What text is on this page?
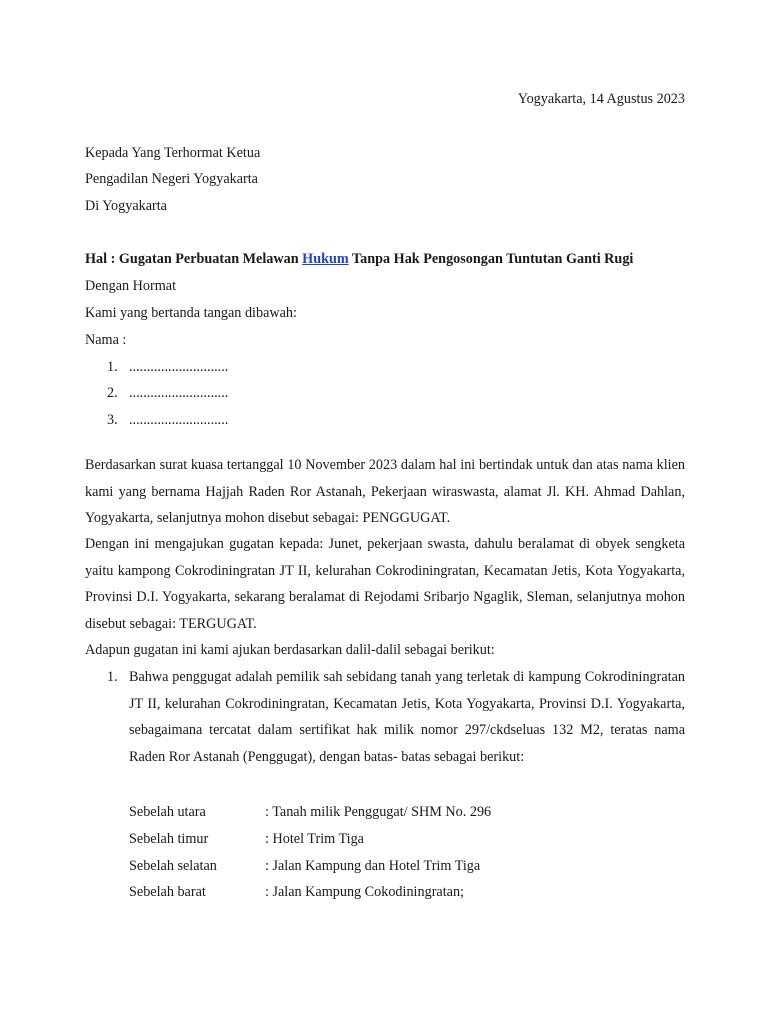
Yogyakarta, 14 Agustus 2023
Kepada Yang Terhormat Ketua
Pengadilan Negeri Yogyakarta
Di Yogyakarta
Hal : Gugatan Perbuatan Melawan Hukum Tanpa Hak Pengosongan Tuntutan Ganti Rugi
Dengan Hormat
Kami yang bertanda tangan dibawah:
Nama :
1. ............................
2. ............................
3. ............................
Berdasarkan surat kuasa tertanggal 10 November 2023 dalam hal ini bertindak untuk dan atas nama klien kami yang bernama Hajjah Raden Ror Astanah, Pekerjaan wiraswasta, alamat Jl. KH. Ahmad Dahlan, Yogyakarta, selanjutnya mohon disebut sebagai: PENGGUGAT.
Dengan ini mengajukan gugatan kepada: Junet, pekerjaan swasta, dahulu beralamat di obyek sengketa yaitu kampong Cokrodiningratan JT II, kelurahan Cokrodiningratan, Kecamatan Jetis, Kota Yogyakarta, Provinsi D.I. Yogyakarta, sekarang beralamat di Rejodami Sribarjo Ngaglik, Sleman, selanjutnya mohon disebut sebagai: TERGUGAT.
Adapun gugatan ini kami ajukan berdasarkan dalil-dalil sebagai berikut:
1. Bahwa penggugat adalah pemilik sah sebidang tanah yang terletak di kampung Cokrodiningratan JT II, kelurahan Cokrodiningratan, Kecamatan Jetis, Kota Yogyakarta, Provinsi D.I. Yogyakarta, sebagaimana tercatat dalam sertifikat hak milik nomor 297/ckdseluas 132 M2, teratas nama Raden Ror Astanah (Penggugat), dengan batas- batas sebagai berikut:
Sebelah utara	: Tanah milik Penggugat/ SHM No. 296
Sebelah timur	: Hotel Trim Tiga
Sebelah selatan	: Jalan Kampung dan Hotel Trim Tiga
Sebelah barat	: Jalan Kampung Cokodiningratan;
